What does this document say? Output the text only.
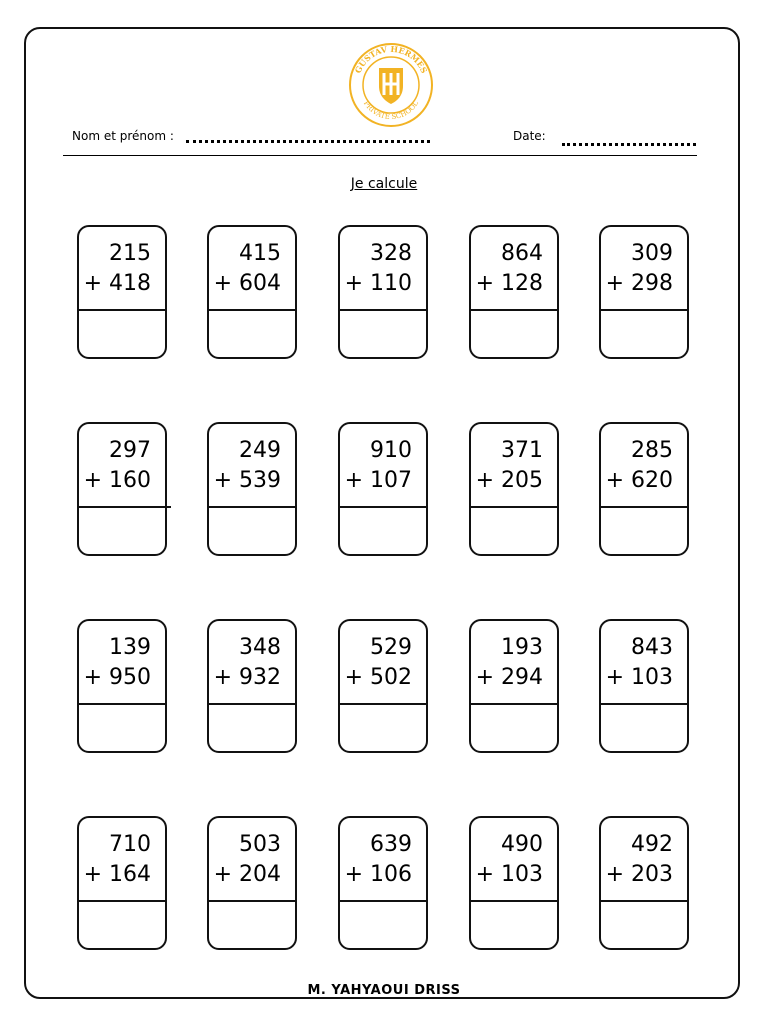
GUSTAV HERMES
PRIVATE SCHOOL
Nom et prénom :	Date:
Je calcule
215
+ 418
415
+ 604
328
+ 110
864
+ 128
309
+ 298
297
+ 160
249
+ 539
910
+ 107
371
+ 205
285
+ 620
139
+ 950
348
+ 932
529
+ 502
193
+ 294
843
+ 103
710
+ 164
503
+ 204
639
+ 106
490
+ 103
492
+ 203
M. YAHYAOUI DRISS
